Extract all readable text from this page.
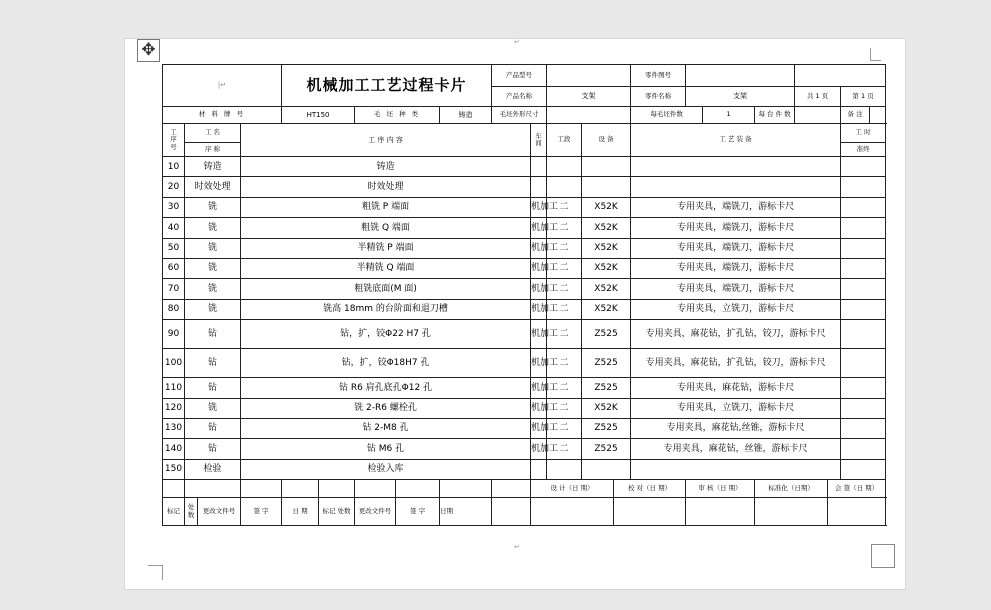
✥	↵
↵
|↵				机械加工工艺过程卡片					产品型号					零件图号								
									产品名称		支架			零件名称	支架			共 1 页		第 1 页		
材 料 牌 号				HT150		毛 坯 种 类		铸造	毛坯外形尺寸					每毛坯件数		1	每 台 件 数			备 注		
工序号	工 名		工 序 内 容							车间	工段	设 备		工 艺 装 备						工 时		
	序 称																			准终	
10	铸造		铸造																			
20	时效处理		时效处理																			
30	铣		粗铣 P 端面							机加工	二	X52K		专用夹具，端铣刀，游标卡尺								
40	铣		粗铣 Q 端面							机加工	二	X52K		专用夹具，端铣刀，游标卡尺								
50	铣		半精铣 P 端面							机加工	二	X52K		专用夹具，端铣刀，游标卡尺								
60	铣		半精铣 Q 端面							机加工	二	X52K		专用夹具，端铣刀，游标卡尺								
70	铣		粗铣底面(M 面)							机加工	二	X52K		专用夹具，端铣刀，游标卡尺								
80	铣		铣高 18mm 的台阶面和退刀槽							机加工	二	X52K		专用夹具，立铣刀，游标卡尺								
90	钻		钻，扩，铰Φ22 H7 孔							机加工	二	Z525		专用夹具，麻花钻，扩孔钻，铰刀，游标卡尺								
100	钻		钻，扩，铰Φ18H7 孔							机加工	二	Z525		专用夹具，麻花钻，扩孔钻，铰刀，游标卡尺								
110	钻		钻 R6 肩孔底孔Φ12 孔							机加工	二	Z525		专用夹具，麻花钻，游标卡尺								
120	铣		铣 2-R6 螺栓孔							机加工	二	X52K		专用夹具，立铣刀，游标卡尺								
130	钻		钻 2-M8 孔							机加工	二	Z525		专用夹具，麻花钻,丝锥，游标卡尺								
140	钻		钻 M6 孔							机加工	二	Z525		专用夹具，麻花钻，丝锥，游标卡尺								
150	检验		检验入库																			
										设 计（日 期）			校 对（日 期）		审 核（日 期）		标准化（日期）		会 签（日 期）			
标记	处数	更改文件号	签 字	日 期	标记 处数	更改文件号	签 字	日期														
